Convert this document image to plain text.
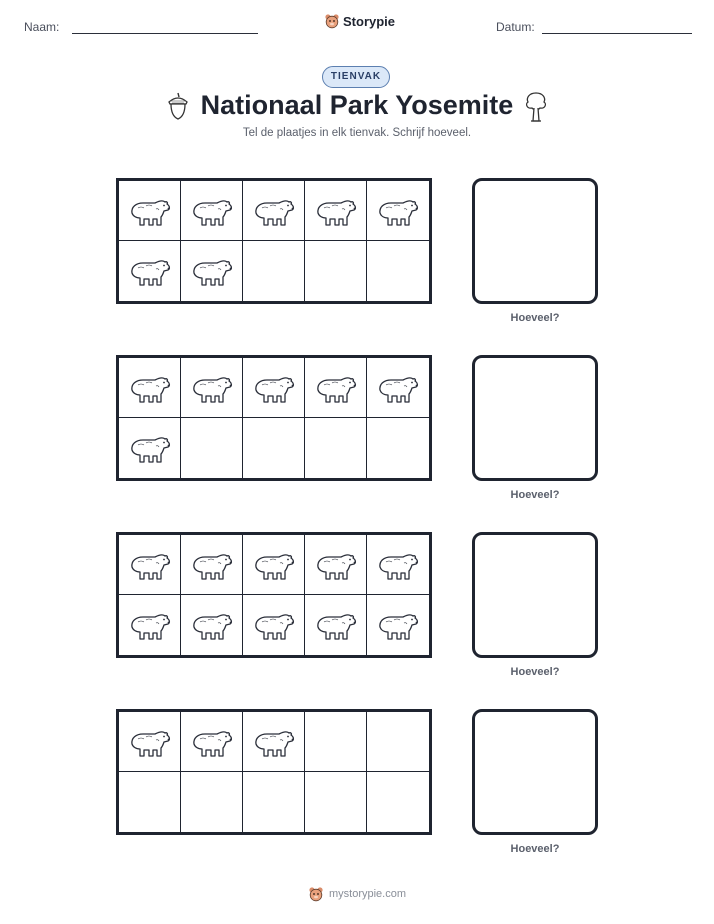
Naam:	Storypie	Datum:
TIENVAK
Nationaal Park Yosemite
Tel de plaatjes in elk tienvak. Schrijf hoeveel.
Hoeveel?
Hoeveel?
Hoeveel?
Hoeveel?
mystorypie.com
